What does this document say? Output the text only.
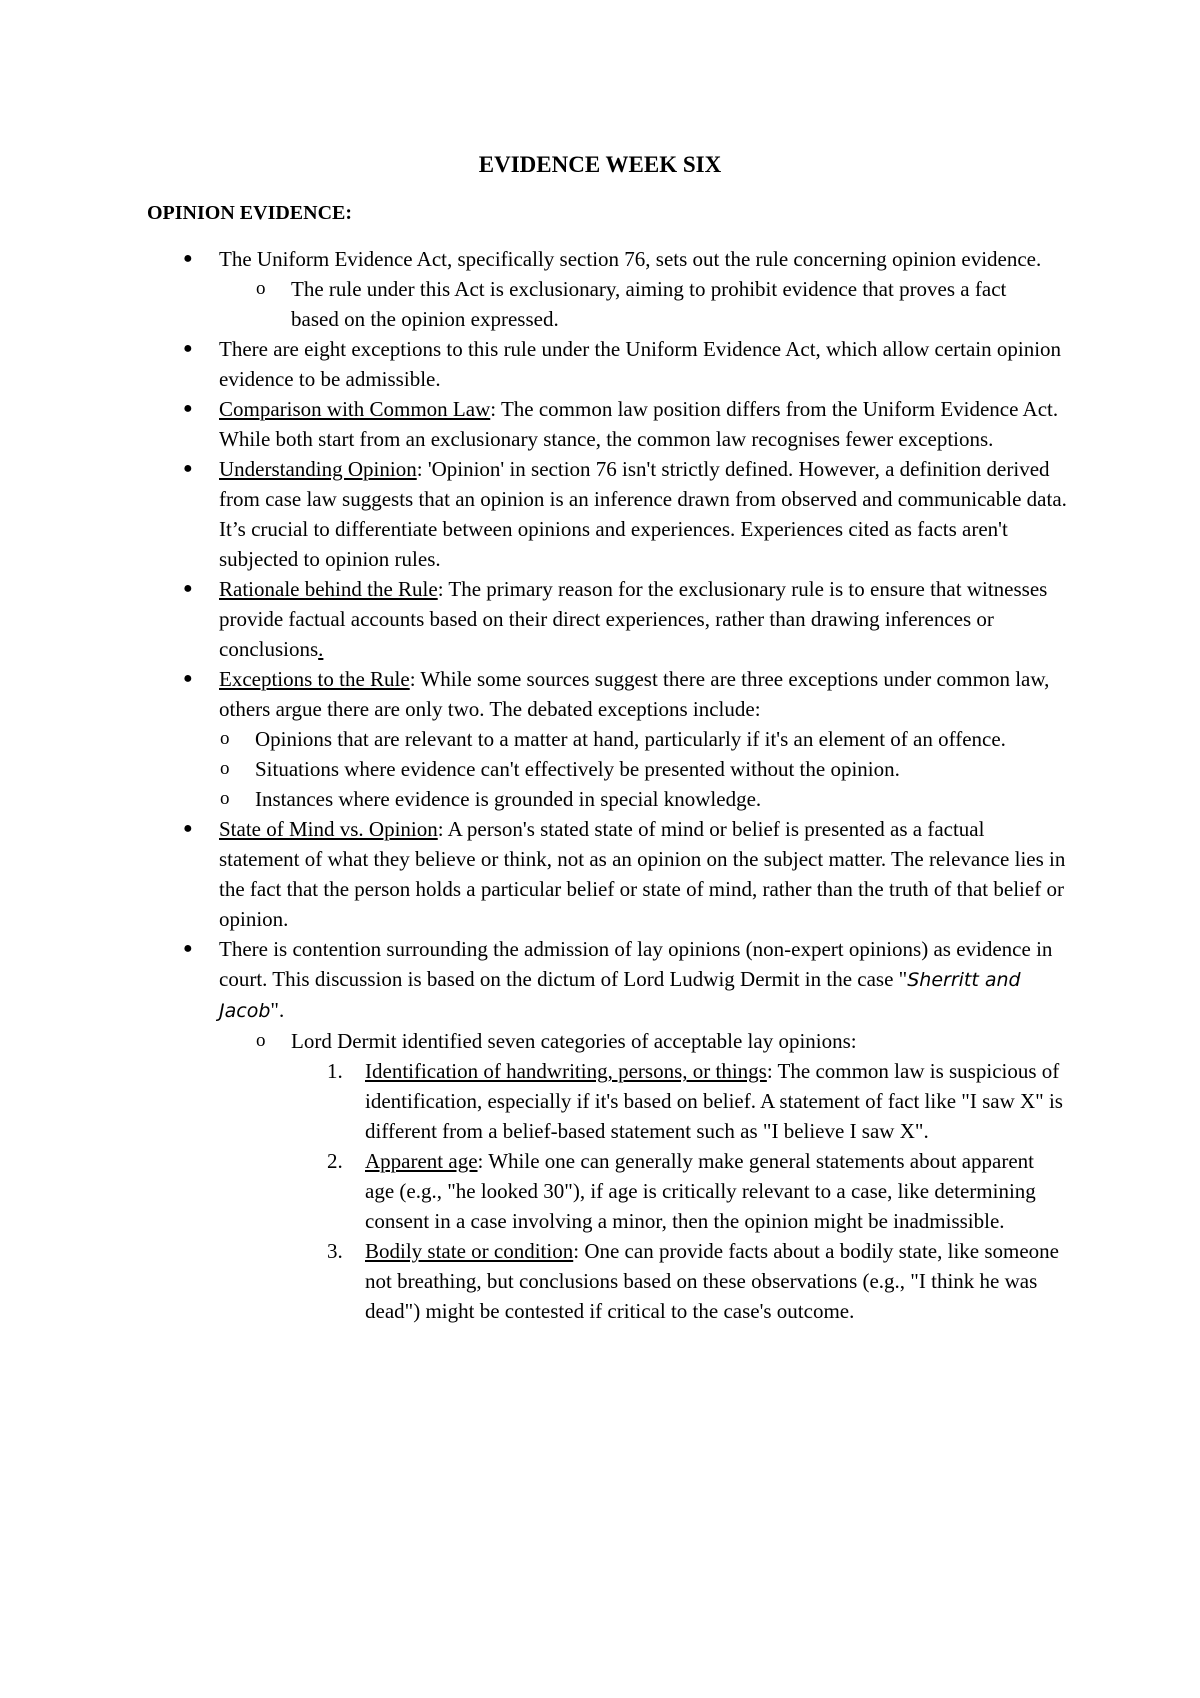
EVIDENCE WEEK SIX
OPINION EVIDENCE:

● The Uniform Evidence Act, specifically section 76, sets out the rule concerning opinion evidence.

o The rule under this Act is exclusionary, aiming to prohibit evidence that proves a fact based on the opinion expressed.

● There are eight exceptions to this rule under the Uniform Evidence Act, which allow certain opinion evidence to be admissible.

● Comparison with Common Law: The common law position differs from the Uniform Evidence Act. While both start from an exclusionary stance, the common law recognises fewer exceptions.

● Understanding Opinion: 'Opinion' in section 76 isn't strictly defined. However, a definition derived from case law suggests that an opinion is an inference drawn from observed and communicable data. It’s crucial to differentiate between opinions and experiences. Experiences cited as facts aren't subjected to opinion rules.

● Rationale behind the Rule: The primary reason for the exclusionary rule is to ensure that witnesses provide factual accounts based on their direct experiences, rather than drawing inferences or conclusions.

● Exceptions to the Rule: While some sources suggest there are three exceptions under common law, others argue there are only two. The debated exceptions include:

o Opinions that are relevant to a matter at hand, particularly if it's an element of an offence.

o Situations where evidence can't effectively be presented without the opinion.

o Instances where evidence is grounded in special knowledge.

● State of Mind vs. Opinion: A person's stated state of mind or belief is presented as a factual statement of what they believe or think, not as an opinion on the subject matter. The relevance lies in the fact that the person holds a particular belief or state of mind, rather than the truth of that belief or opinion.

● There is contention surrounding the admission of lay opinions (non-expert opinions) as evidence in court. This discussion is based on the dictum of Lord Ludwig Dermit in the case "Sherritt and Jacob".

o Lord Dermit identified seven categories of acceptable lay opinions:

1. Identification of handwriting, persons, or things: The common law is suspicious of identification, especially if it's based on belief. A statement of fact like "I saw X" is different from a belief-based statement such as "I believe I saw X".

2. Apparent age: While one can generally make general statements about apparent age (e.g., "he looked 30"), if age is critically relevant to a case, like determining consent in a case involving a minor, then the opinion might be inadmissible.

3. Bodily state or condition: One can provide facts about a bodily state, like someone not breathing, but conclusions based on these observations (e.g., "I think he was dead") might be contested if critical to the case's outcome.
